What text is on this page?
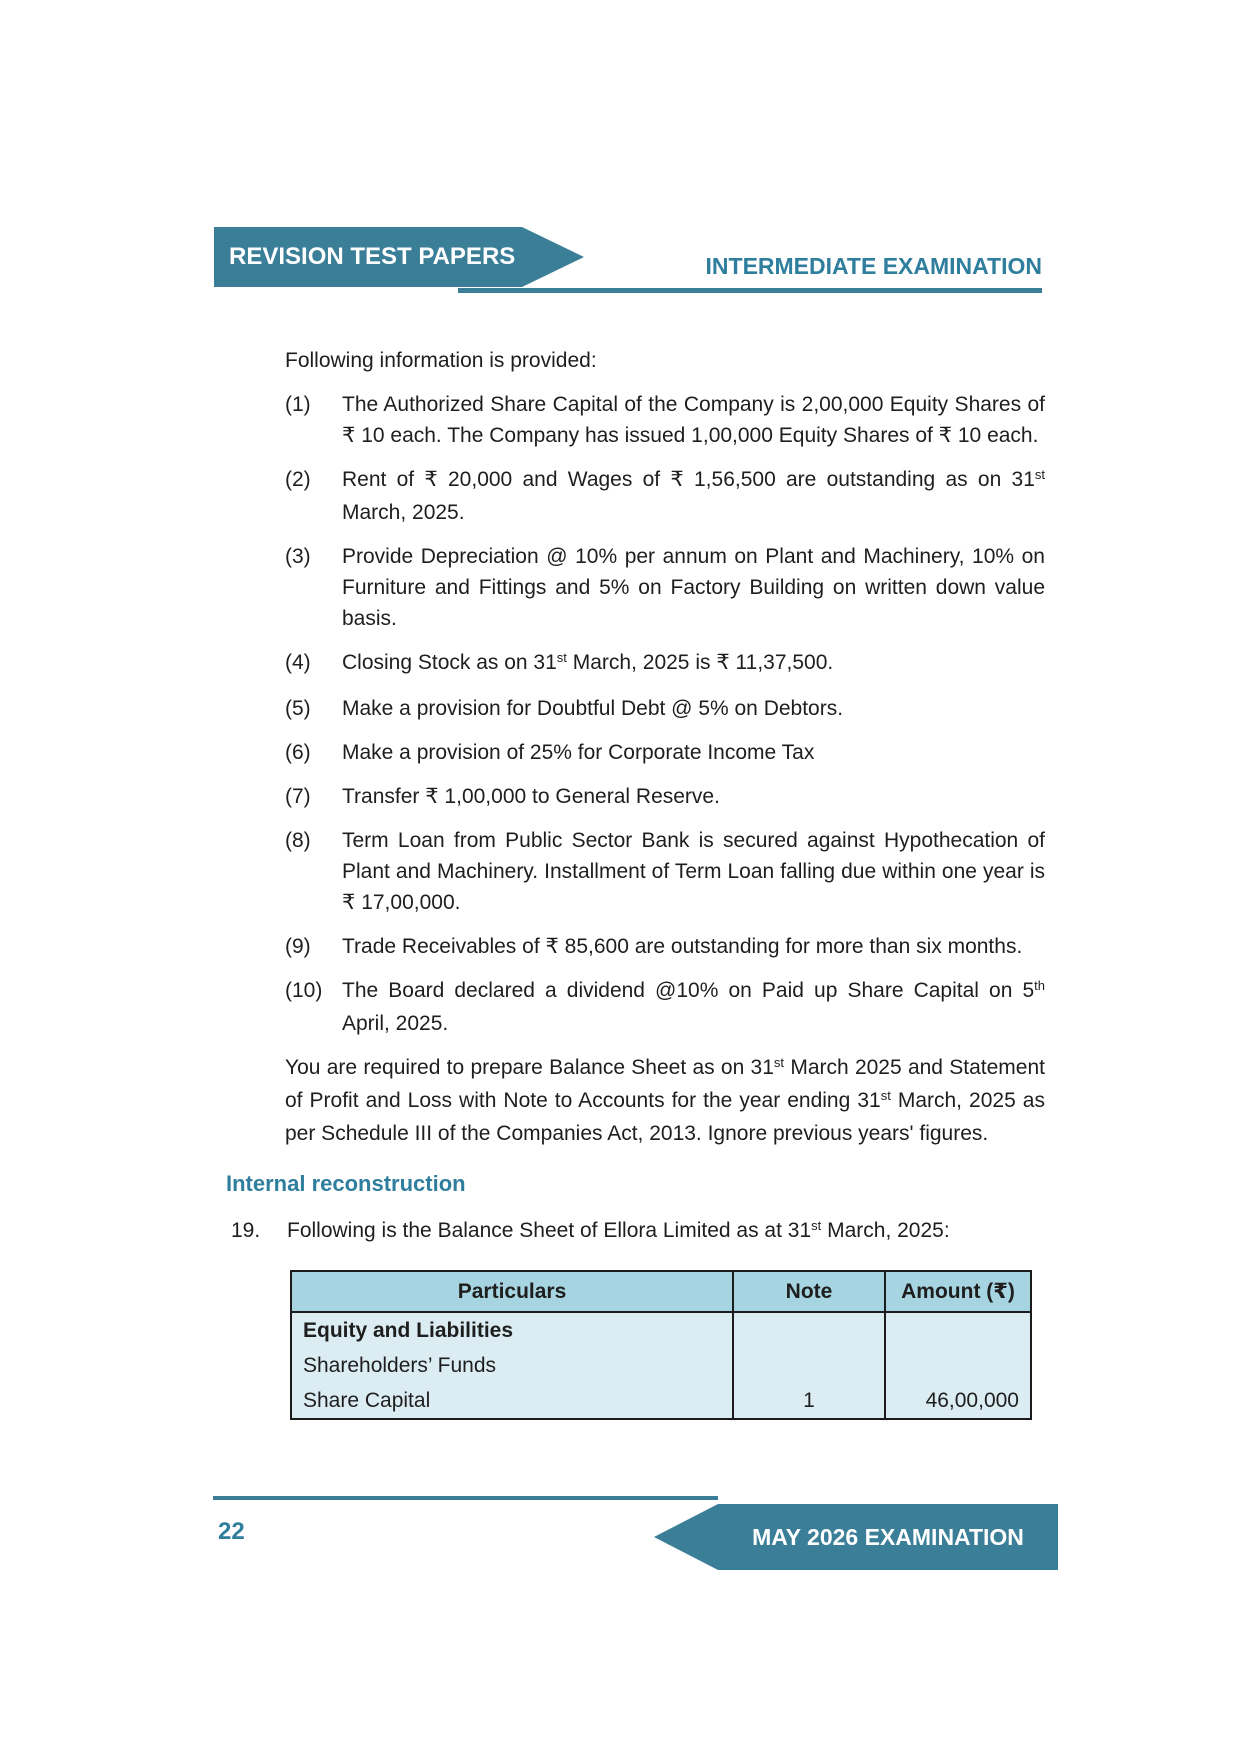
REVISION TEST PAPERS	INTERMEDIATE EXAMINATION

Following information is provided:

(1)	The Authorized Share Capital of the Company is 2,00,000 Equity Shares of ₹ 10 each. The Company has issued 1,00,000 Equity Shares of ₹ 10 each.
(2)	Rent of ₹ 20,000 and Wages of ₹ 1,56,500 are outstanding as on 31st March, 2025.
(3)	Provide Depreciation @ 10% per annum on Plant and Machinery, 10% on Furniture and Fittings and 5% on Factory Building on written down value basis.
(4)	Closing Stock as on 31st March, 2025 is ₹ 11,37,500.
(5)	Make a provision for Doubtful Debt @ 5% on Debtors.
(6)	Make a provision of 25% for Corporate Income Tax
(7)	Transfer ₹ 1,00,000 to General Reserve.
(8)	Term Loan from Public Sector Bank is secured against Hypothecation of Plant and Machinery. Installment of Term Loan falling due within one year is ₹ 17,00,000.
(9)	Trade Receivables of ₹ 85,600 are outstanding for more than six months.
(10) The Board declared a dividend @10% on Paid up Share Capital on 5th April, 2025.

You are required to prepare Balance Sheet as on 31st March 2025 and Statement of Profit and Loss with Note to Accounts for the year ending 31st March, 2025 as per Schedule III of the Companies Act, 2013. Ignore previous years' figures.

Internal reconstruction
19.	Following is the Balance Sheet of Ellora Limited as at 31st March, 2025:
Particulars	Note	Amount (₹)
Equity and Liabilities		
Shareholders’ Funds		
Share Capital	1	46,00,000
22	MAY 2026 EXAMINATION
